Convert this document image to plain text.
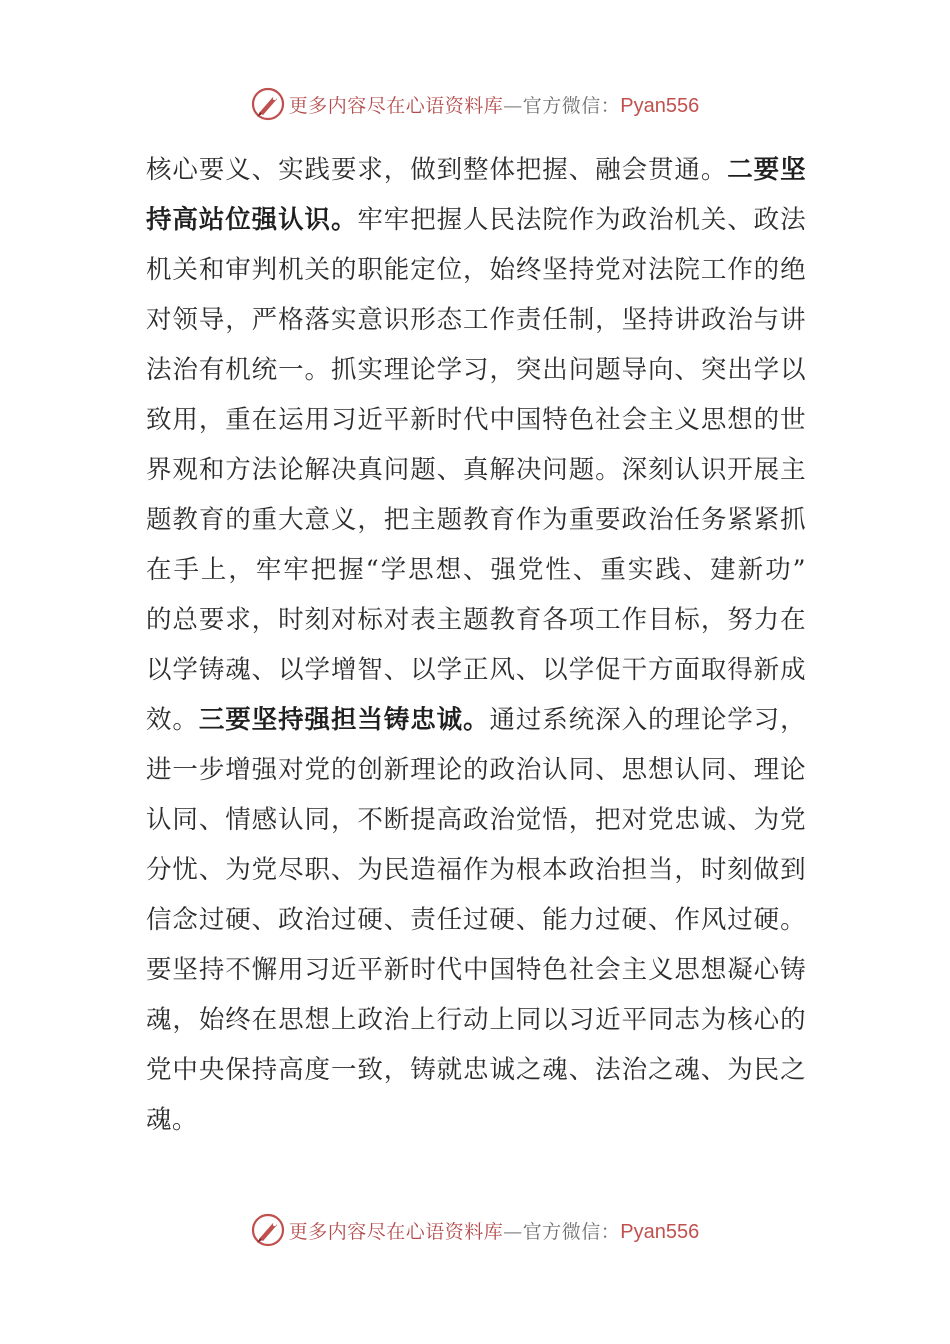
更多内容尽在心语资料库—官方微信：Pyan556
核心要义、实践要求，做到整体把握、融会贯通。二要坚
持高站位强认识。牢牢把握人民法院作为政治机关、政法
机关和审判机关的职能定位，始终坚持党对法院工作的绝
对领导，严格落实意识形态工作责任制，坚持讲政治与讲
法治有机统一。抓实理论学习，突出问题导向、突出学以
致用，重在运用习近平新时代中国特色社会主义思想的世
界观和方法论解决真问题、真解决问题。深刻认识开展主
题教育的重大意义，把主题教育作为重要政治任务紧紧抓
在手上，牢牢把握“学思想、强党性、重实践、建新功”
的总要求，时刻对标对表主题教育各项工作目标，努力在
以学铸魂、以学增智、以学正风、以学促干方面取得新成
效。三要坚持强担当铸忠诚。通过系统深入的理论学习，
进一步增强对党的创新理论的政治认同、思想认同、理论
认同、情感认同，不断提高政治觉悟，把对党忠诚、为党
分忧、为党尽职、为民造福作为根本政治担当，时刻做到
信念过硬、政治过硬、责任过硬、能力过硬、作风过硬。
要坚持不懈用习近平新时代中国特色社会主义思想凝心铸
魂，始终在思想上政治上行动上同以习近平同志为核心的
党中央保持高度一致，铸就忠诚之魂、法治之魂、为民之
魂。
更多内容尽在心语资料库—官方微信：Pyan556
